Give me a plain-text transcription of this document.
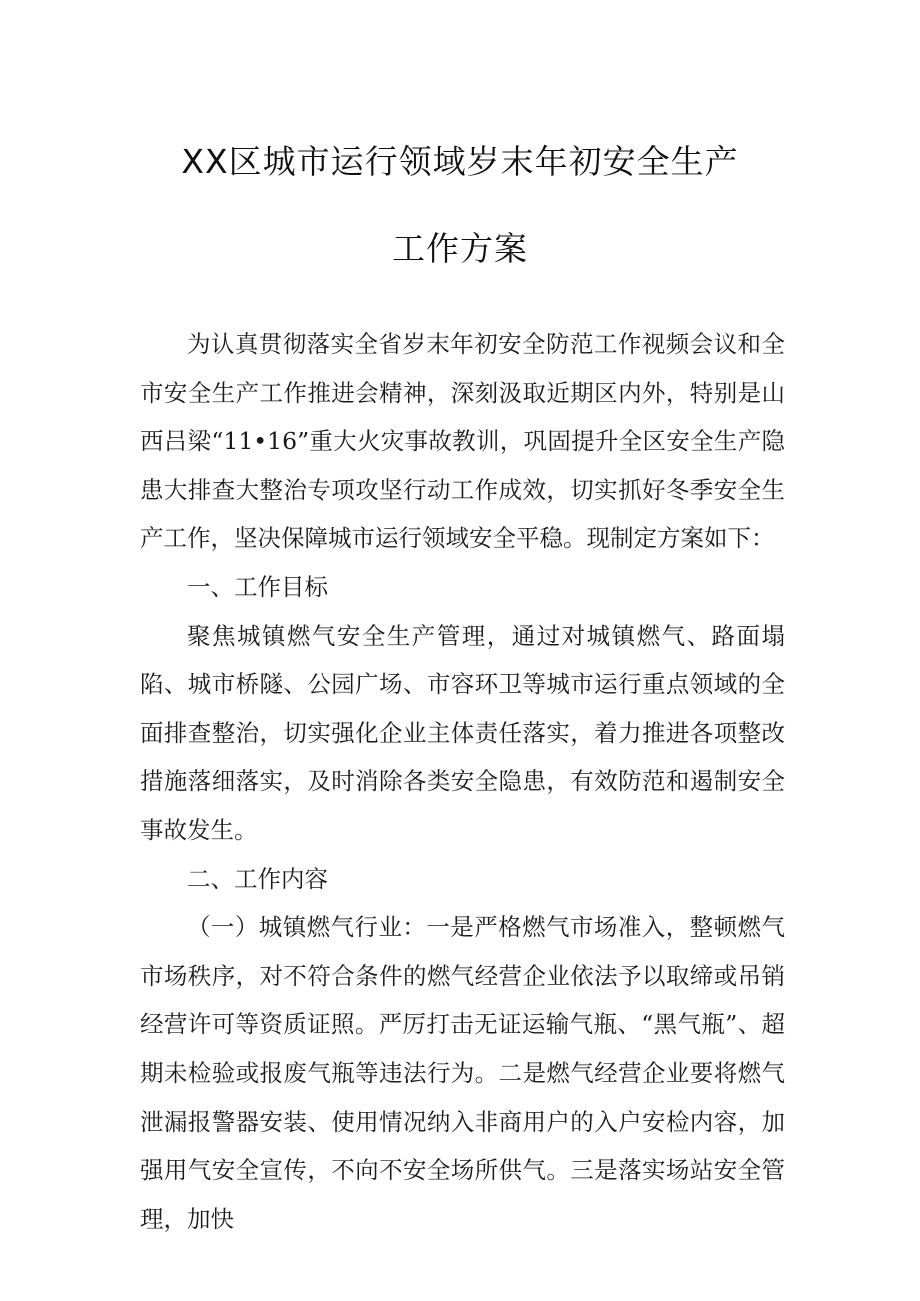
XX区城市运行领域岁末年初安全生产
工作方案

为认真贯彻落实全省岁末年初安全防范工作视频会议和全市安全生产工作推进会精神，深刻汲取近期区内外，特别是山西吕梁“11•16”重大火灾事故教训，巩固提升全区安全生产隐患大排查大整治专项攻坚行动工作成效，切实抓好冬季安全生产工作，坚决保障城市运行领域安全平稳。现制定方案如下：

一、工作目标

聚焦城镇燃气安全生产管理，通过对城镇燃气、路面塌陷、城市桥隧、公园广场、市容环卫等城市运行重点领域的全面排查整治，切实强化企业主体责任落实，着力推进各项整改措施落细落实，及时消除各类安全隐患，有效防范和遏制安全事故发生。

二、工作内容

（一）城镇燃气行业：一是严格燃气市场准入，整顿燃气市场秩序，对不符合条件的燃气经营企业依法予以取缔或吊销经营许可等资质证照。严厉打击无证运输气瓶、“黑气瓶”、超期未检验或报废气瓶等违法行为。二是燃气经营企业要将燃气泄漏报警器安装、使用情况纳入非商用户的入户安检内容，加强用气安全宣传，不向不安全场所供气。三是落实场站安全管理，加快
